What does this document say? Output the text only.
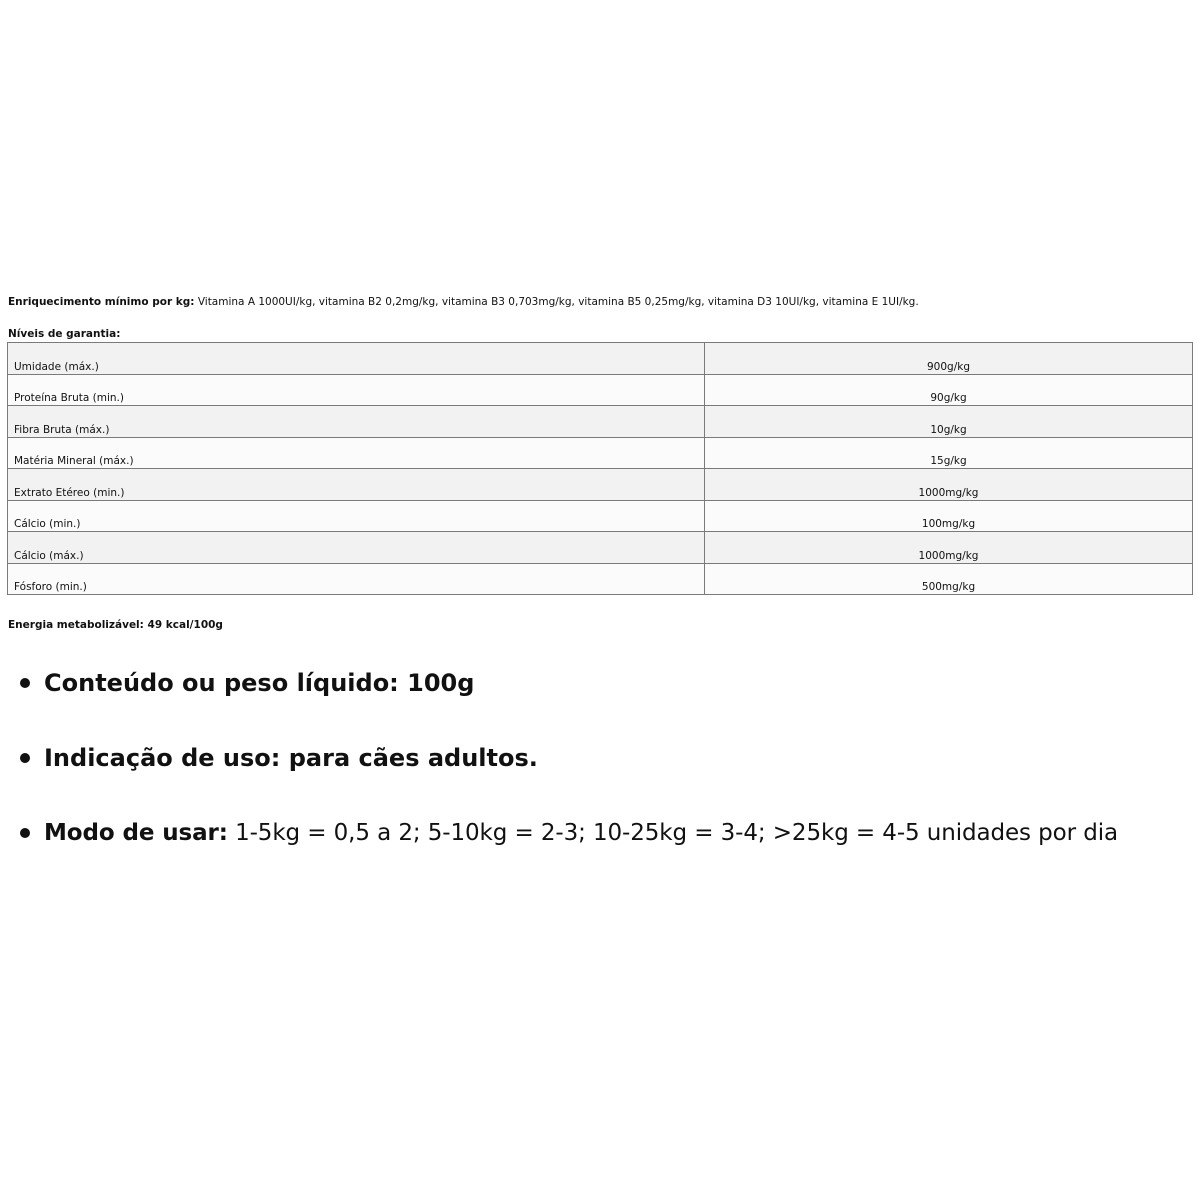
Enriquecimento mínimo por kg: Vitamina A 1000UI/kg, vitamina B2 0,2mg/kg, vitamina B3 0,703mg/kg, vitamina B5 0,25mg/kg, vitamina D3 10UI/kg, vitamina E 1UI/kg.
Níveis de garantia:
Umidade (máx.)	900g/kg
Proteína Bruta (min.)	90g/kg
Fibra Bruta (máx.)	10g/kg
Matéria Mineral (máx.)	15g/kg
Extrato Etéreo (min.)	1000mg/kg
Cálcio (min.)	100mg/kg
Cálcio (máx.)	1000mg/kg
Fósforo (min.)	500mg/kg
Energia metabolizável: 49 kcal/100g
Conteúdo ou peso líquido: 100g
Indicação de uso: para cães adultos.
Modo de usar: 1-5kg = 0,5 a 2; 5-10kg = 2-3; 10-25kg = 3-4; >25kg = 4-5 unidades por dia
